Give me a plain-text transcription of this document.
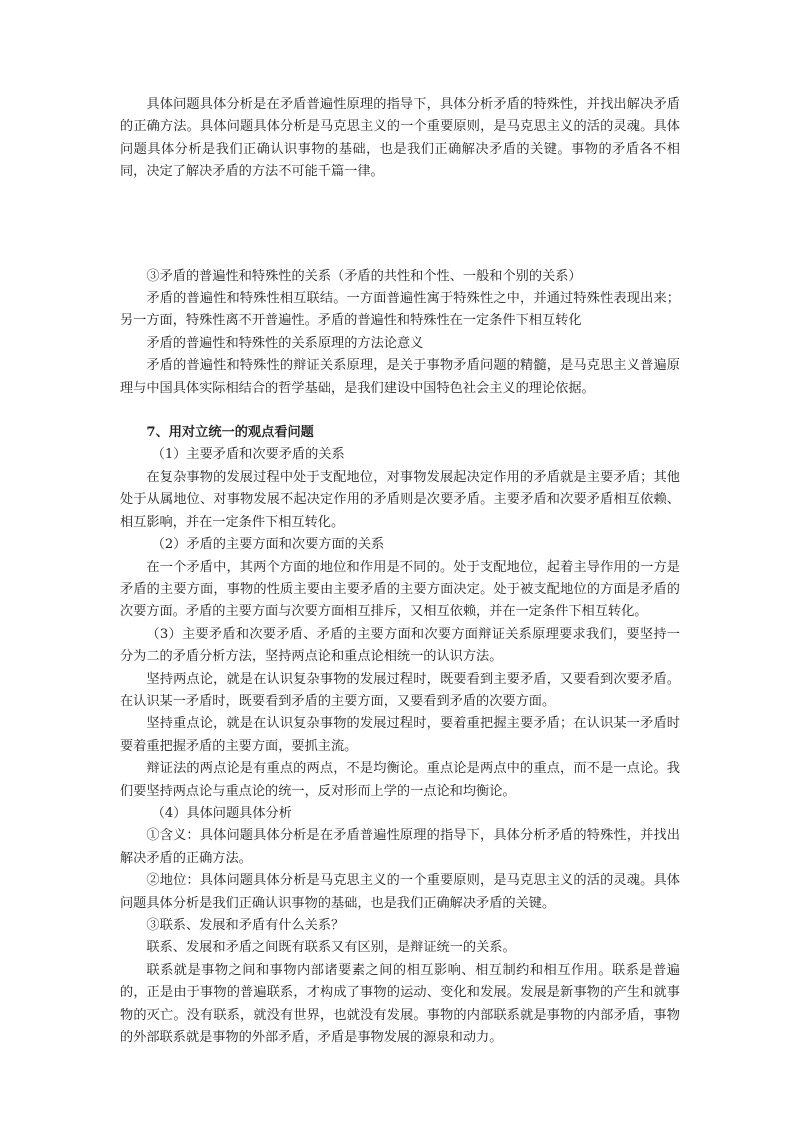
具体问题具体分析是在矛盾普遍性原理的指导下，具体分析矛盾的特殊性，并找出解决矛盾的正确方法。具体问题具体分析是马克思主义的一个重要原则，是马克思主义的活的灵魂。具体问题具体分析是我们正确认识事物的基础，也是我们正确解决矛盾的关键。事物的矛盾各不相同，决定了解决矛盾的方法不可能千篇一律。

③矛盾的普遍性和特殊性的关系（矛盾的共性和个性、一般和个别的关系）

矛盾的普遍性和特殊性相互联结。一方面普遍性寓于特殊性之中，并通过特殊性表现出来；另一方面，特殊性离不开普遍性。矛盾的普遍性和特殊性在一定条件下相互转化

矛盾的普遍性和特殊性的关系原理的方法论意义

矛盾的普遍性和特殊性的辩证关系原理，是关于事物矛盾问题的精髓，是马克思主义普遍原理与中国具体实际相结合的哲学基础，是我们建设中国特色社会主义的理论依据。

7、用对立统一的观点看问题

（1）主要矛盾和次要矛盾的关系

在复杂事物的发展过程中处于支配地位，对事物发展起决定作用的矛盾就是主要矛盾；其他处于从属地位、对事物发展不起决定作用的矛盾则是次要矛盾。主要矛盾和次要矛盾相互依赖、相互影响，并在一定条件下相互转化。

（2）矛盾的主要方面和次要方面的关系

在一个矛盾中，其两个方面的地位和作用是不同的。处于支配地位，起着主导作用的一方是矛盾的主要方面，事物的性质主要由主要矛盾的主要方面决定。处于被支配地位的方面是矛盾的次要方面。矛盾的主要方面与次要方面相互排斥，又相互依赖，并在一定条件下相互转化。

（3）主要矛盾和次要矛盾、矛盾的主要方面和次要方面辩证关系原理要求我们，要坚持一分为二的矛盾分析方法，坚持两点论和重点论相统一的认识方法。

坚持两点论，就是在认识复杂事物的发展过程时，既要看到主要矛盾，又要看到次要矛盾。在认识某一矛盾时，既要看到矛盾的主要方面，又要看到矛盾的次要方面。

坚持重点论，就是在认识复杂事物的发展过程时，要着重把握主要矛盾；在认识某一矛盾时要着重把握矛盾的主要方面，要抓主流。

辩证法的两点论是有重点的两点，不是均衡论。重点论是两点中的重点，而不是一点论。我们要坚持两点论与重点论的统一，反对形而上学的一点论和均衡论。

（4）具体问题具体分析

①含义：具体问题具体分析是在矛盾普遍性原理的指导下，具体分析矛盾的特殊性，并找出解决矛盾的正确方法。

②地位：具体问题具体分析是马克思主义的一个重要原则，是马克思主义的活的灵魂。具体问题具体分析是我们正确认识事物的基础，也是我们正确解决矛盾的关键。

③联系、发展和矛盾有什么关系？

联系、发展和矛盾之间既有联系又有区别，是辩证统一的关系。

联系就是事物之间和事物内部诸要素之间的相互影响、相互制约和相互作用。联系是普遍的，正是由于事物的普遍联系，才构成了事物的运动、变化和发展。发展是新事物的产生和就事物的灭亡。没有联系，就没有世界，也就没有发展。事物的内部联系就是事物的内部矛盾，事物的外部联系就是事物的外部矛盾，矛盾是事物发展的源泉和动力。
